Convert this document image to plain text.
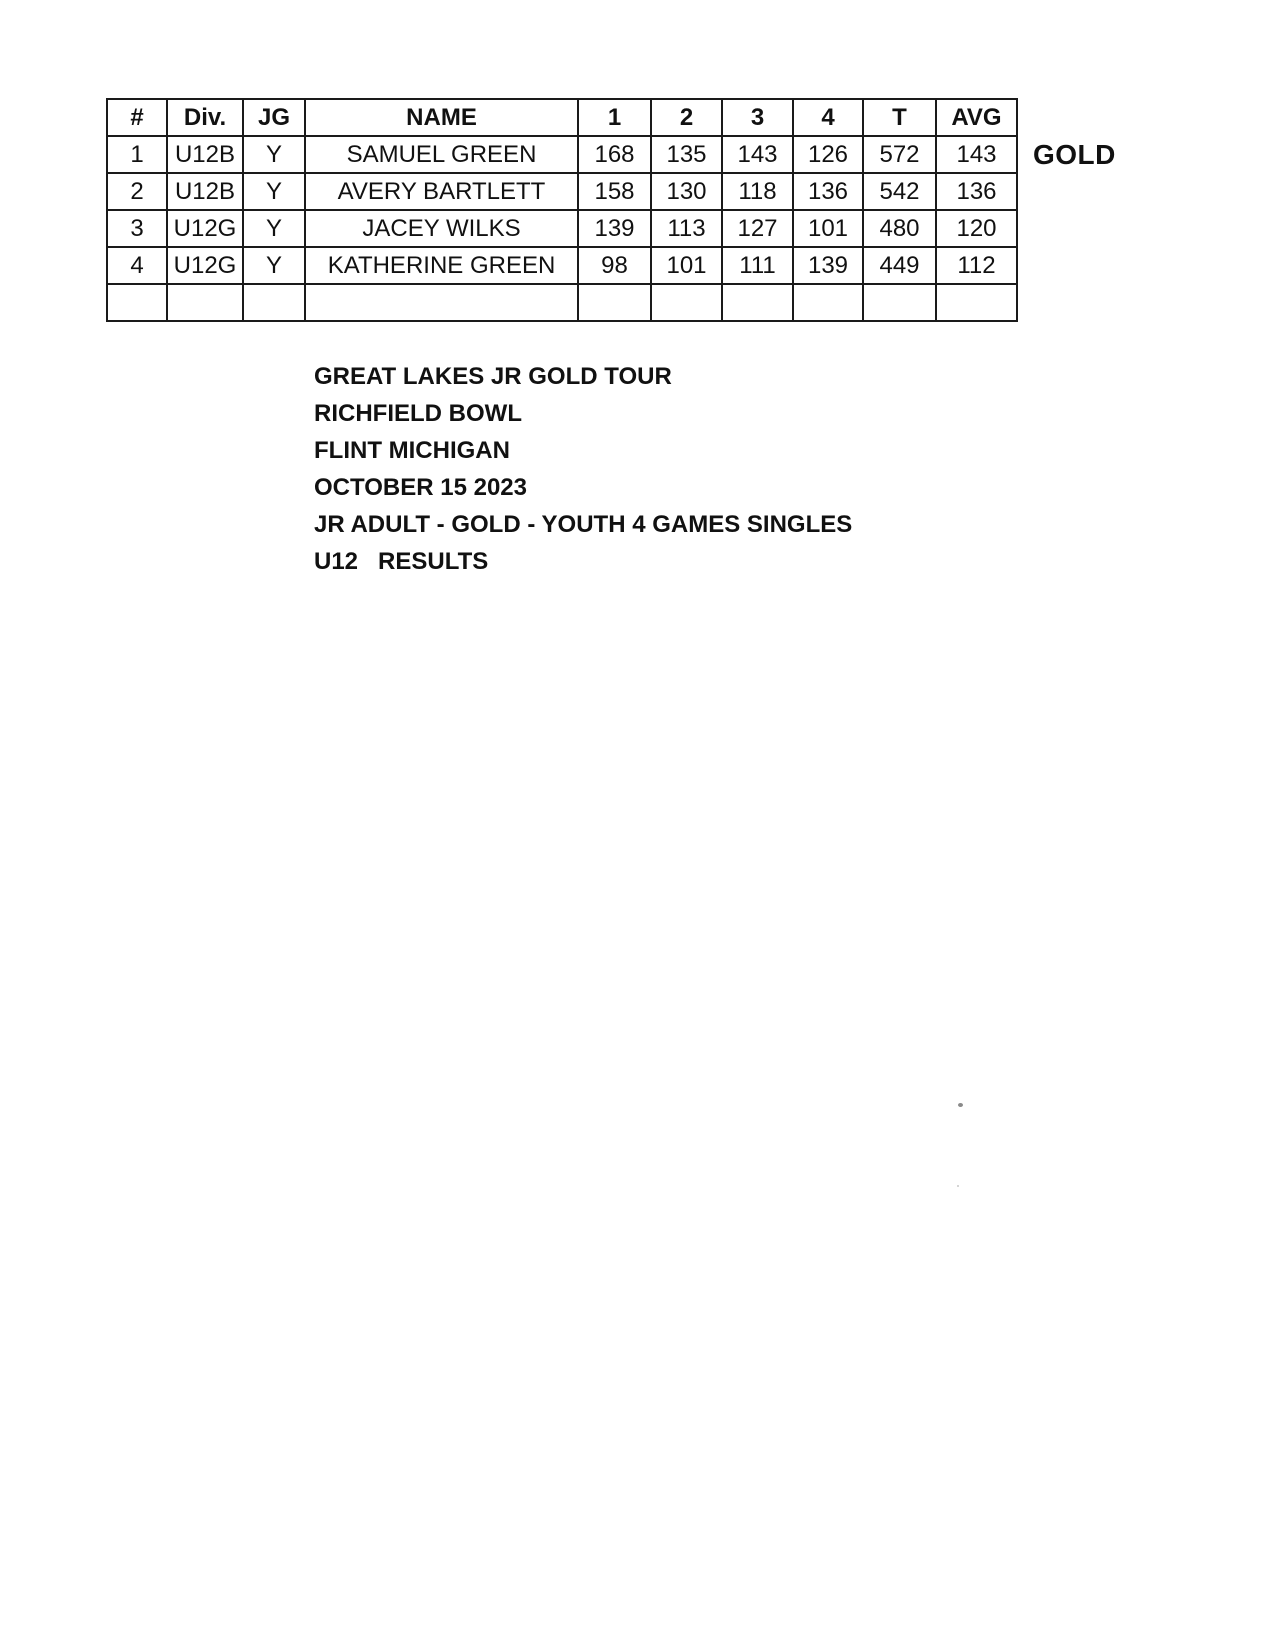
#	Div.	JG	NAME	1	2	3	4	T	AVG
1	U12B	Y	SAMUEL GREEN	168	135	143	126	572	143
2	U12B	Y	AVERY BARTLETT	158	130	118	136	542	136
3	U12G	Y	JACEY WILKS	139	113	127	101	480	120
4	U12G	Y	KATHERINE GREEN	98	101	111	139	449	112

GOLD
GREAT LAKES JR GOLD TOUR
RICHFIELD BOWL
FLINT MICHIGAN
OCTOBER 15 2023
JR ADULT - GOLD - YOUTH 4 GAMES SINGLES
U12   RESULTS
